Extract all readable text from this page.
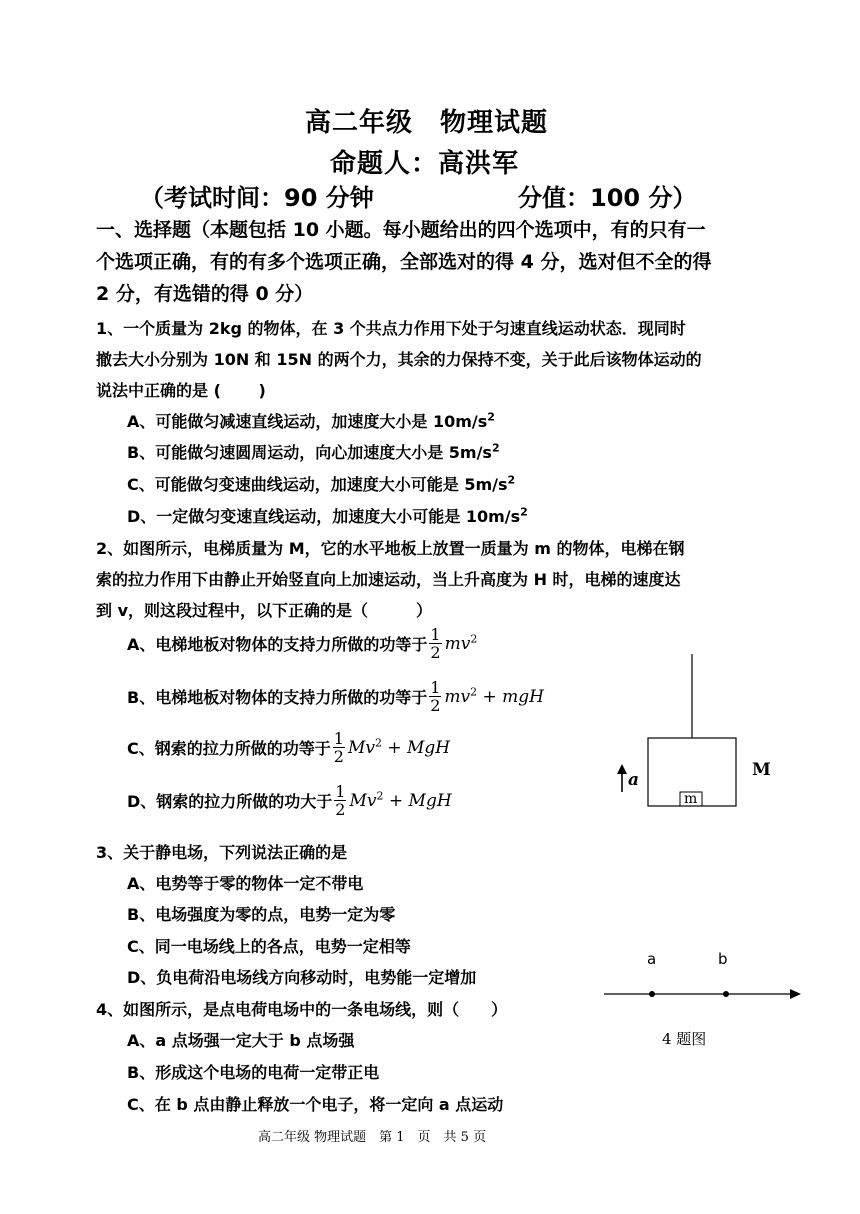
高二年级　物理试题
命题人：高洪军
（考试时间：90 分钟	分值：100 分）
一、选择题（本题包括 10 小题。每小题给出的四个选项中，有的只有一
个选项正确，有的有多个选项正确，全部选对的得 4 分，选对但不全的得
2 分，有选错的得 0 分）
1、一个质量为 2kg 的物体，在 3 个共点力作用下处于匀速直线运动状态．现同时
撤去大小分别为 10N 和 15N 的两个力，其余的力保持不变，关于此后该物体运动的
说法中正确的是 (　　 )
A、可能做匀减速直线运动，加速度大小是 $10m/s^2$
B、可能做匀速圆周运动，向心加速度大小是 $5m/s^2$
C、可能做匀变速曲线运动，加速度大小可能是 $5m/s^2$
D、一定做匀变速直线运动，加速度大小可能是 $10m/s^2$
2、如图所示，电梯质量为 M，它的水平地板上放置一质量为 m 的物体，电梯在钢
索的拉力作用下由静止开始竖直向上加速运动，当上升高度为 H 时，电梯的速度达
到 v，则这段过程中，以下正确的是（　　　）
A、电梯地板对物体的支持力所做的功等于 $\frac{1}{2} mv^2$
B、电梯地板对物体的支持力所做的功等于 $\frac{1}{2} mv^2$ + mgH
C、钢索的拉力所做的功等于 $\frac{1}{2} Mv^2$ + MgH
D、钢索的拉力所做的功大于 $\frac{1}{2} Mv^2$ + MgH	m
a	M
3、关于静电场，下列说法正确的是
A、电势等于零的物体一定不带电
B、电场强度为零的点，电势一定为零
C、同一电场线上的各点，电势一定相等
D、负电荷沿电场线方向移动时，电势能一定增加
4、如图所示，是点电荷电场中的一条电场线，则（　　）
A、a 点场强一定大于 b 点场强
B、形成这个电场的电荷一定带正电
C、在 b 点由静止释放一个电子，将一定向 a 点运动
a	b
4 题图
高二年级 物理试题　第 1　页　共 5 页
